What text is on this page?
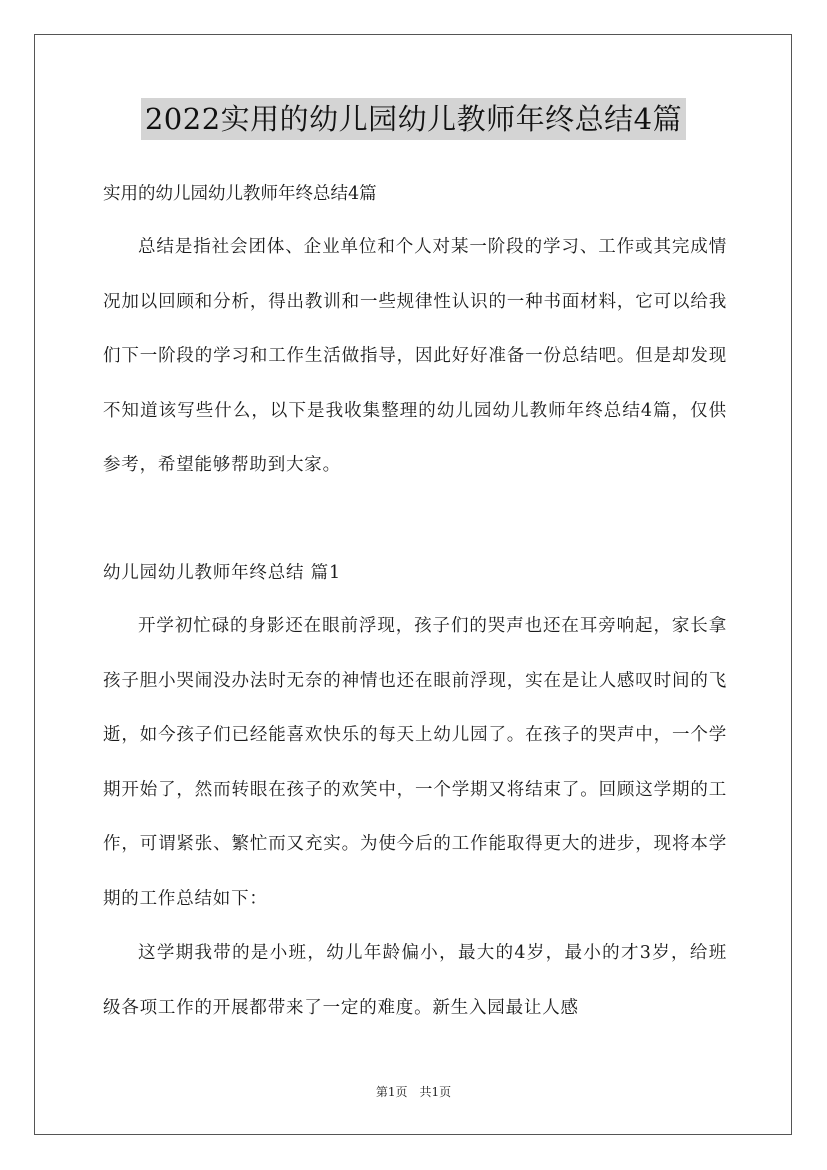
2022实用的幼儿园幼儿教师年终总结4篇
实用的幼儿园幼儿教师年终总结4篇

总结是指社会团体、企业单位和个人对某一阶段的学习、工作或其完成情况加以回顾和分析，得出教训和一些规律性认识的一种书面材料，它可以给我们下一阶段的学习和工作生活做指导，因此好好准备一份总结吧。但是却发现不知道该写些什么，以下是我收集整理的幼儿园幼儿教师年终总结4篇，仅供参考，希望能够帮助到大家。

幼儿园幼儿教师年终总结 篇1

开学初忙碌的身影还在眼前浮现，孩子们的哭声也还在耳旁响起，家长拿孩子胆小哭闹没办法时无奈的神情也还在眼前浮现，实在是让人感叹时间的飞逝，如今孩子们已经能喜欢快乐的每天上幼儿园了。在孩子的哭声中，一个学期开始了，然而转眼在孩子的欢笑中，一个学期又将结束了。回顾这学期的工作，可谓紧张、繁忙而又充实。为使今后的工作能取得更大的进步，现将本学期的工作总结如下：

这学期我带的是小班，幼儿年龄偏小，最大的4岁，最小的才3岁，给班级各项工作的开展都带来了一定的难度。新生入园最让人感

第1页　共1页
